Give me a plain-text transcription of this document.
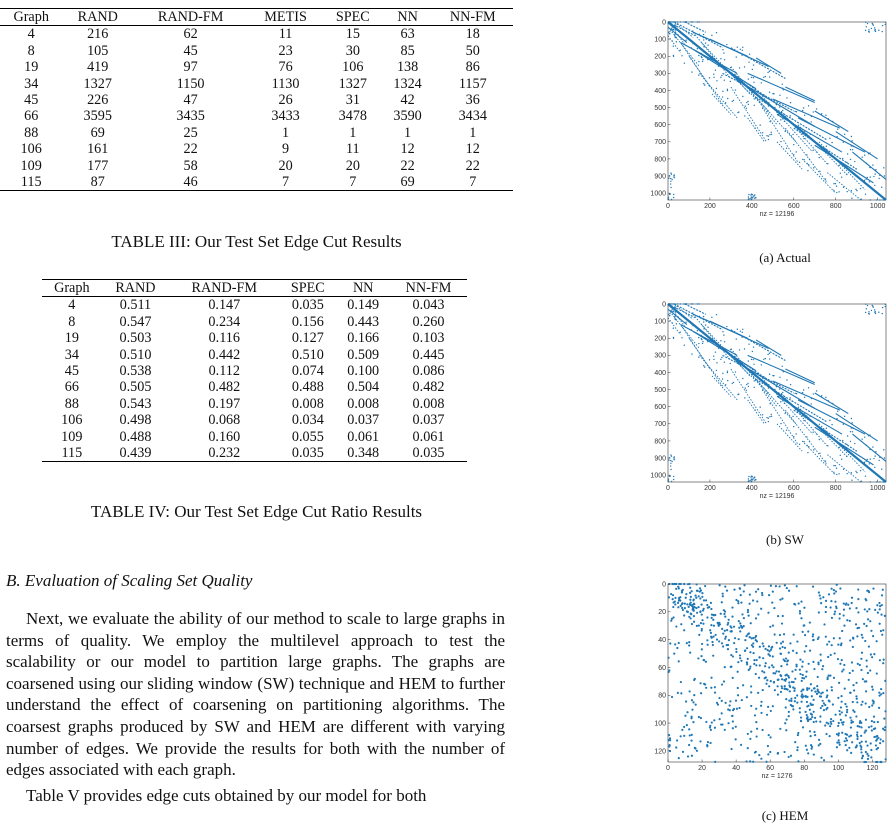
Graph	RAND	RAND-FM	METIS	SPEC	NN	NN-FM
4	216	62	11	15	63	18
8	105	45	23	30	85	50
19	419	97	76	106	138	86
34	1327	1150	1130	1327	1324	1157
45	226	47	26	31	42	36
66	3595	3435	3433	3478	3590	3434
88	69	25	1	1	1	1
106	161	22	9	11	12	12
109	177	58	20	20	22	22
115	87	46	7	7	69	7
TABLE III: Our Test Set Edge Cut Results
Graph	RAND	RAND-FM	SPEC	NN	NN-FM
4	0.511	0.147	0.035	0.149	0.043
8	0.547	0.234	0.156	0.443	0.260
19	0.503	0.116	0.127	0.166	0.103
34	0.510	0.442	0.510	0.509	0.445
45	0.538	0.112	0.074	0.100	0.086
66	0.505	0.482	0.488	0.504	0.482
88	0.543	0.197	0.008	0.008	0.008
106	0.498	0.068	0.034	0.037	0.037
109	0.488	0.160	0.055	0.061	0.061
115	0.439	0.232	0.035	0.348	0.035
TABLE IV: Our Test Set Edge Cut Ratio Results
B. Evaluation of Scaling Set Quality

Next, we evaluate the ability of our method to scale to large graphs in terms of quality. We employ the multilevel approach to test the scalability or our model to partition large graphs. The graphs are coarsened using our sliding window (SW) technique and HEM to further understand the effect of coarsening on partitioning algorithms. The coarsest graphs produced by SW and HEM are different with varying number of edges. We provide the results for both with the number of edges associated with each graph.

Table V provides edge cuts obtained by our model for both

0	200	400	600	800	1000
0
100
200
300
400
500
600
700
800
900
1000
nz = 12196
(a) Actual
0	200	400	600	800	1000
0
100
200
300
400
500
600
700
800
900
1000
nz = 12196
(b) SW
0	20	40	60	80	100	120
0
20
40
60
80
100
120
nz = 1276
(c) HEM
